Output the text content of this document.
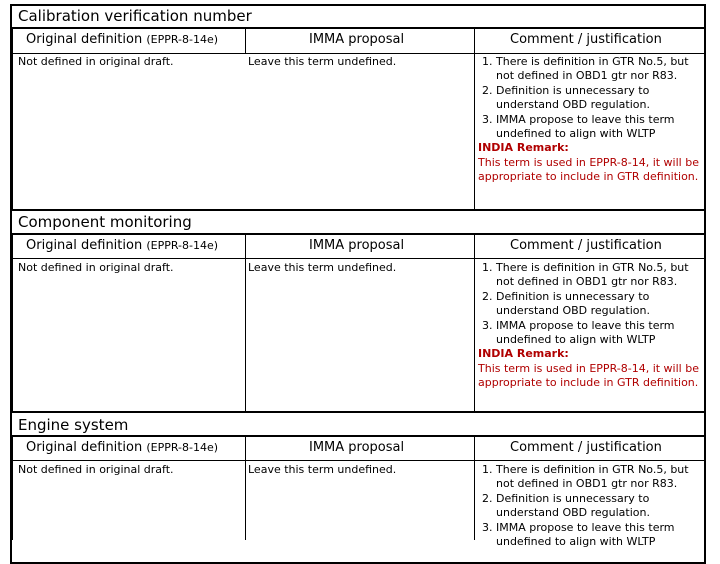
Calibration verification number
Original definition (EPPR-8-14e)	IMMA proposal	Comment / justification
Not defined in original draft.	Leave this term undefined.	1. There is definition in GTR No.5, but not defined in OBD1 gtr nor R83.
2. Definition is unnecessary to understand OBD regulation.
3. IMMA propose to leave this term undefined to align with WLTP
INDIA Remark:
This term is used in EPPR-8-14, it will be appropriate to include in GTR definition.
Component monitoring
Original definition (EPPR-8-14e)	IMMA proposal	Comment / justification
Not defined in original draft.	Leave this term undefined.	1. There is definition in GTR No.5, but not defined in OBD1 gtr nor R83.
2. Definition is unnecessary to understand OBD regulation.
3. IMMA propose to leave this term undefined to align with WLTP
INDIA Remark:
This term is used in EPPR-8-14, it will be appropriate to include in GTR definition.
Engine system
Original definition (EPPR-8-14e)	IMMA proposal	Comment / justification
Not defined in original draft.	Leave this term undefined.	1. There is definition in GTR No.5, but not defined in OBD1 gtr nor R83.
2. Definition is unnecessary to understand OBD regulation.
3. IMMA propose to leave this term undefined to align with WLTP
